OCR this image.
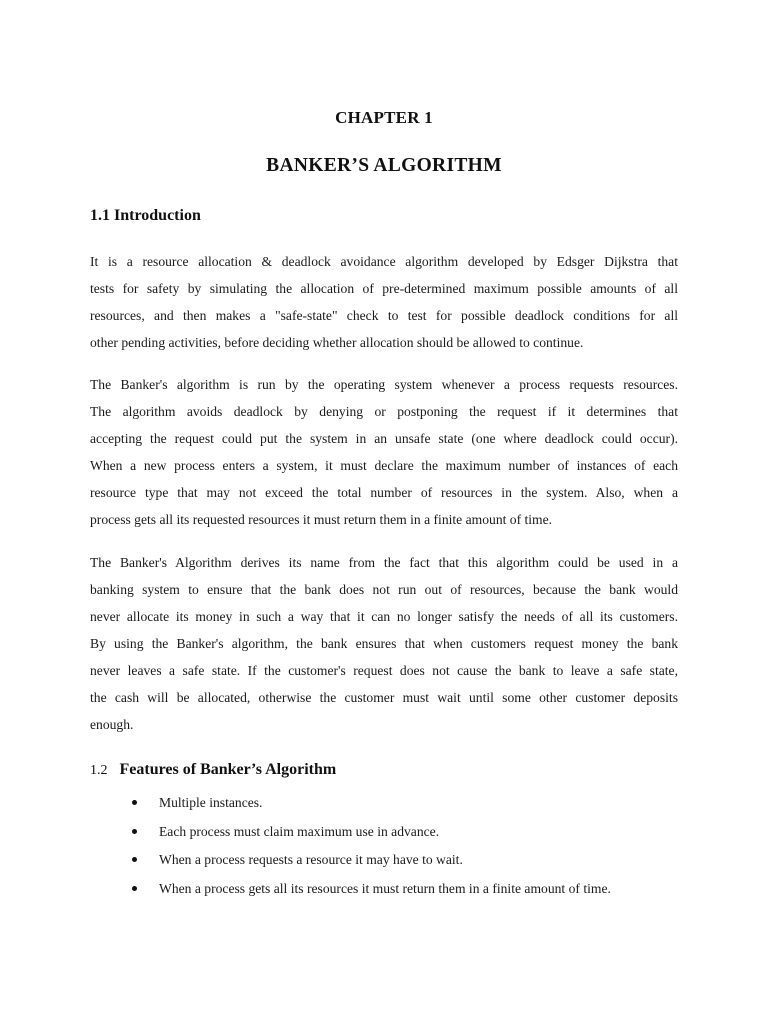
CHAPTER 1
BANKER’S ALGORITHM
1.1 Introduction
It is a resource allocation & deadlock avoidance algorithm developed by Edsger Dijkstra that
tests for safety by simulating the allocation of pre-determined maximum possible amounts of all
resources, and then makes a "safe-state" check to test for possible deadlock conditions for all
other pending activities, before deciding whether allocation should be allowed to continue.
The Banker's algorithm is run by the operating system whenever a process requests resources.
The algorithm avoids deadlock by denying or postponing the request if it determines that
accepting the request could put the system in an unsafe state (one where deadlock could occur).
When a new process enters a system, it must declare the maximum number of instances of each
resource type that may not exceed the total number of resources in the system. Also, when a
process gets all its requested resources it must return them in a finite amount of time.
The Banker's Algorithm derives its name from the fact that this algorithm could be used in a
banking system to ensure that the bank does not run out of resources, because the bank would
never allocate its money in such a way that it can no longer satisfy the needs of all its customers.
By using the Banker's algorithm, the bank ensures that when customers request money the bank
never leaves a safe state. If the customer's request does not cause the bank to leave a safe state,
the cash will be allocated, otherwise the customer must wait until some other customer deposits
enough.
1.2 Features of Banker’s Algorithm
Multiple instances.
Each process must claim maximum use in advance.
When a process requests a resource it may have to wait.
When a process gets all its resources it must return them in a finite amount of time.
